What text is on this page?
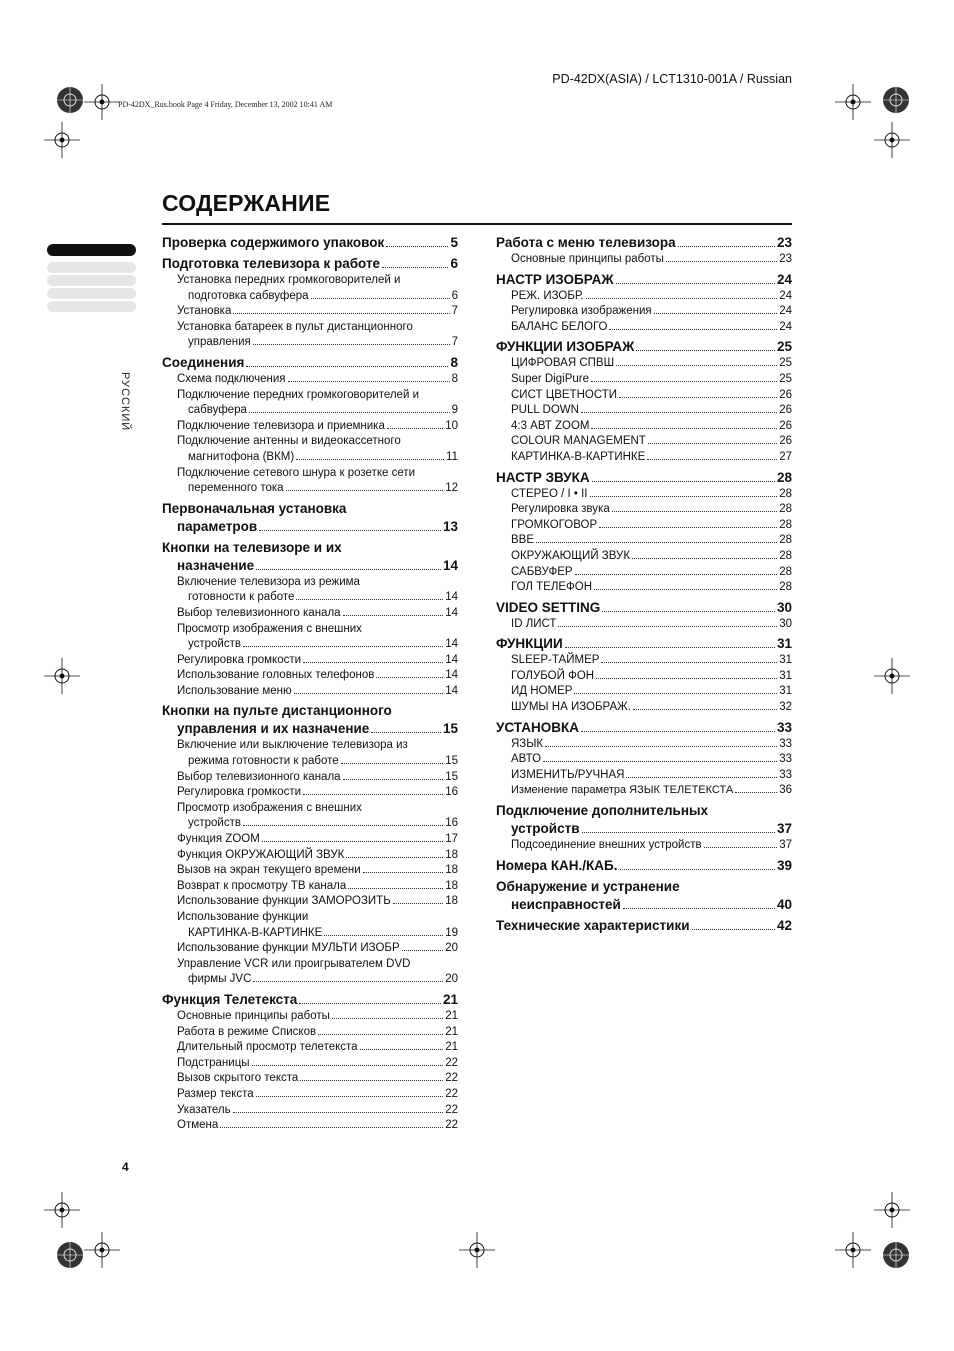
PD-42DX(ASIA) / LCT1310-001A / Russian
PD-42DX_Rus.book Page 4 Friday, December 13, 2002 10:41 AM
СОДЕРЖАНИЕ
РУССКИЙ
Проверка содержимого упаковок	5
Подготовка телевизора к работе	6
Установка передних громкоговорителей и
подготовка сабвуфера	6
Установка	7
Установка батареек в пульт дистанционного
управления	7
Соединения	8
Схема подключения	8
Подключение передних громкоговорителей и
сабвуфера	9
Подключение телевизора и приемника	10
Подключение антенны и видеокассетного
магнитофона (ВКМ)	11
Подключение сетевого шнура к розетке сети
переменного тока	12
Первоначальная установка
параметров	13
Кнопки на телевизоре и их
назначение	14
Включение телевизора из режима
готовности к работе	14
Выбор телевизионного канала	14
Просмотр изображения с внешних
устройств	14
Регулировка громкости	14
Использование головных телефонов	14
Использование меню	14
Кнопки на пульте дистанционного
управления и их назначение	15
Включение или выключение телевизора из
режима готовности к работе	15
Выбор телевизионного канала	15
Регулировка громкости	16
Просмотр изображения с внешних
устройств	16
Функция ZOOM	17
Функция ОКРУЖАЮЩИЙ ЗВУК	18
Вызов на экран текущего времени	18
Возврат к просмотру ТВ канала	18
Использование функции ЗАМОРОЗИТЬ	18
Использование функции
КАРТИНКА-В-КАРТИНКЕ	19
Использование функции МУЛЬТИ ИЗОБР	20
Управление VCR или проигрывателем DVD
фирмы JVC	20
Функция Телетекста	21
Основные принципы работы	21
Работа в режиме Списков	21
Длительный просмотр телетекста	21
Подстраницы	22
Вызов скрытого текста	22
Размер текста	22
Указатель	22
Отмена	22
Работа с меню телевизора	23
Основные принципы работы	23
НАСТР ИЗОБРАЖ	24
РЕЖ. ИЗОБР.	24
Регулировка изображения	24
БАЛАНС БЕЛОГО	24
ФУНКЦИИ ИЗОБРАЖ	25
ЦИФРОВАЯ СПВШ	25
Super DigiPure	25
СИСТ ЦВЕТНОСТИ	26
PULL DOWN	26
4:3 АВТ ZOOM	26
COLOUR MANAGEMENT	26
КАРТИНКА-В-КАРТИНКЕ	27
НАСТР ЗВУКА	28
СТЕРЕО / I • II	28
Регулировка звука	28
ГРОМКОГОВОР	28
ВВЕ	28
ОКРУЖАЮЩИЙ ЗВУК	28
САБВУФЕР	28
ГОЛ ТЕЛЕФОН	28
VIDEO SETTING	30
ID ЛИСТ	30
ФУНКЦИИ	31
SLEEP-ТАЙМЕР	31
ГОЛУБОЙ ФОН	31
ИД НОМЕР	31
ШУМЫ НА ИЗОБРАЖ.	32
УСТАНОВКА	33
ЯЗЫК	33
АВТО	33
ИЗМЕНИТЬ/РУЧНАЯ	33
Изменение параметра ЯЗЫК ТЕЛЕТЕКСТА	36
Подключение дополнительных
устройств	37
Подсоединение внешних устройств	37
Номера КАН./КАБ.	39
Обнаружение и устранение
неисправностей	40
Технические характеристики	42
4
